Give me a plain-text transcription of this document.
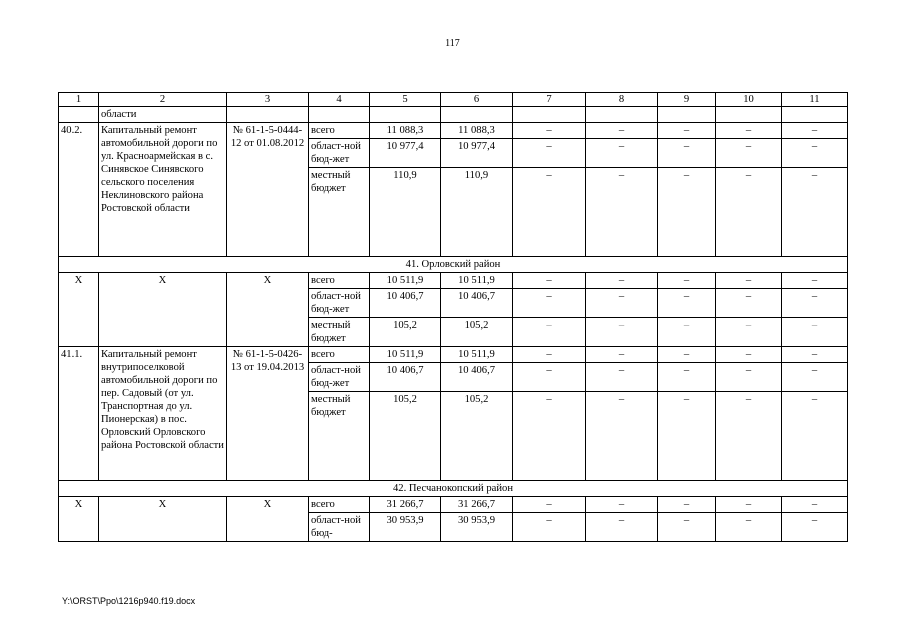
117
1	2	3	4	5	6	7	8	9	10	11
	области									
40.2.	Капитальный ремонт автомобильной дороги по ул. Красноармейская в с. Синявское Синявского сельского поселения Неклиновского района Ростовской области	№ 61-1-5-0444-12 от 01.08.2012	всего	11 088,3	11 088,3	–	–	–	–	–
			област-ной бюд-жет	10 977,4	10 977,4	–	–	–	–	–
			местный бюджет	110,9	110,9	–	–	–	–	–
41. Орловский район										
Х	Х	Х	всего	10 511,9	10 511,9	–	–	–	–	–
			област-ной бюд-жет	10 406,7	10 406,7	–	–	–	–	–
			местный бюджет	105,2	105,2	–	–	–	–	–
41.1.	Капитальный ремонт внутрипоселковой автомобильной дороги по пер. Садовый (от ул. Транспортная до ул. Пионерская) в пос. Орловский Орловского района Ростовской области	№ 61-1-5-0426-13 от 19.04.2013	всего	10 511,9	10 511,9	–	–	–	–	–
			област-ной бюд-жет	10 406,7	10 406,7	–	–	–	–	–
			местный бюджет	105,2	105,2	–	–	–	–	–
42. Песчанокопский район										
Х	Х	Х	всего	31 266,7	31 266,7	–	–	–	–	–
			област-ной бюд-	30 953,9	30 953,9	–	–	–	–	–
Y:\ORST\Ppo\1216p940.f19.docx
